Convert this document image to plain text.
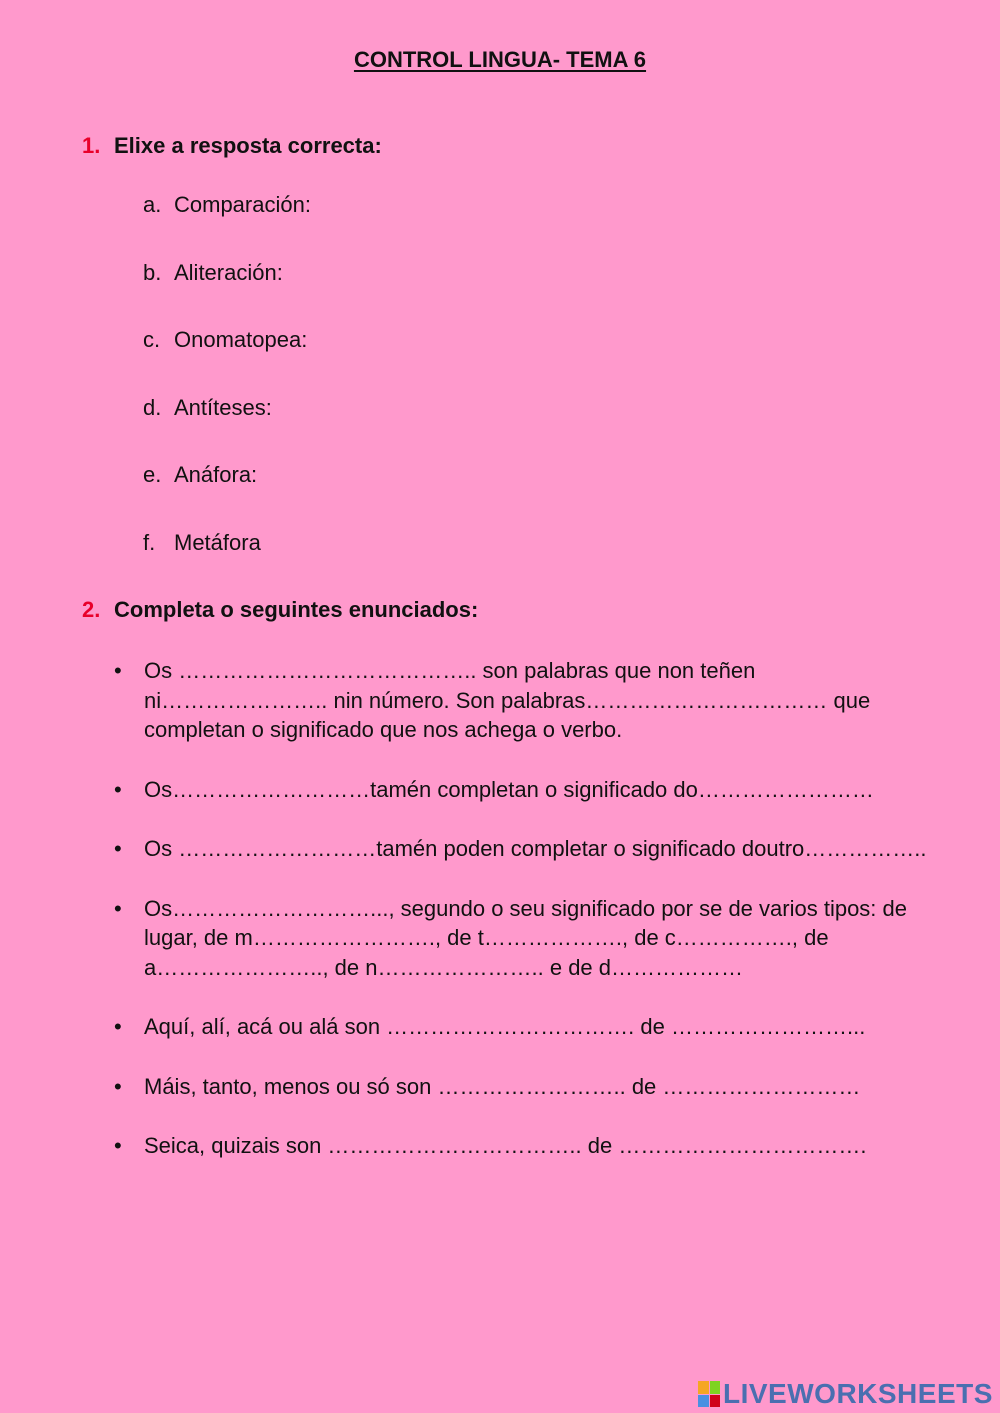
CONTROL LINGUA- TEMA 6
1. Elixe a resposta correcta:
a. Comparación:
b. Aliteración:
c. Onomatopea:
d. Antíteses:
e. Anáfora:
f. Metáfora
2. Completa o seguintes enunciados:
• Os ………………………………….. son palabras que non teñen ni………………….. nin número. Son palabras…………………………… que completan o significado que nos achega o verbo.
• Os………………………tamén completan o significado do……………………
• Os ………………………tamén poden completar o significado doutro……………..
• Os………………………..., segundo o seu significado por se de varios tipos: de lugar, de m……………………., de t………………., de c……………., de a………………….., de n………………….. e de d………………
• Aquí, alí, acá ou alá son ……………………………. de ……………………...
• Máis, tanto, menos ou só son …………………….. de ………………………
• Seica, quizais son …………………………….. de …………………………….
LIVEWORKSHEETS
